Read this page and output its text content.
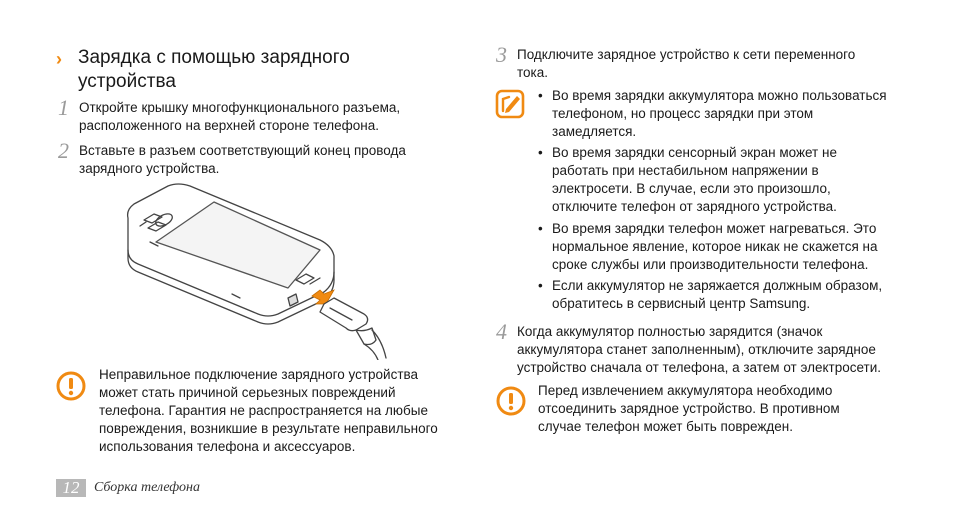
› Зарядка с помощью зарядного устройства
1 Откройте крышку многофункционального разъема, расположенного на верхней стороне телефона.
2 Вставьте в разъем соответствующий конец провода зарядного устройства.
Неправильное подключение зарядного устройства может стать причиной серьезных повреждений телефона. Гарантия не распространяется на любые повреждения, возникшие в результате неправильного использования телефона и аксессуаров.
3 Подключите зарядное устройство к сети переменного тока.
• Во время зарядки аккумулятора можно пользоваться телефоном, но процесс зарядки при этом замедляется.
• Во время зарядки сенсорный экран может не работать при нестабильном напряжении в электросети. В случае, если это произошло, отключите телефон от зарядного устройства.
• Во время зарядки телефон может нагреваться. Это нормальное явление, которое никак не скажется на сроке службы или производительности телефона.
• Если аккумулятор не заряжается должным образом, обратитесь в сервисный центр Samsung.
4 Когда аккумулятор полностью зарядится (значок аккумулятора станет заполненным), отключите зарядное устройство сначала от телефона, а затем от электросети.
Перед извлечением аккумулятора необходимо отсоединить зарядное устройство. В противном случае телефон может быть поврежден.
12	Сборка телефона
